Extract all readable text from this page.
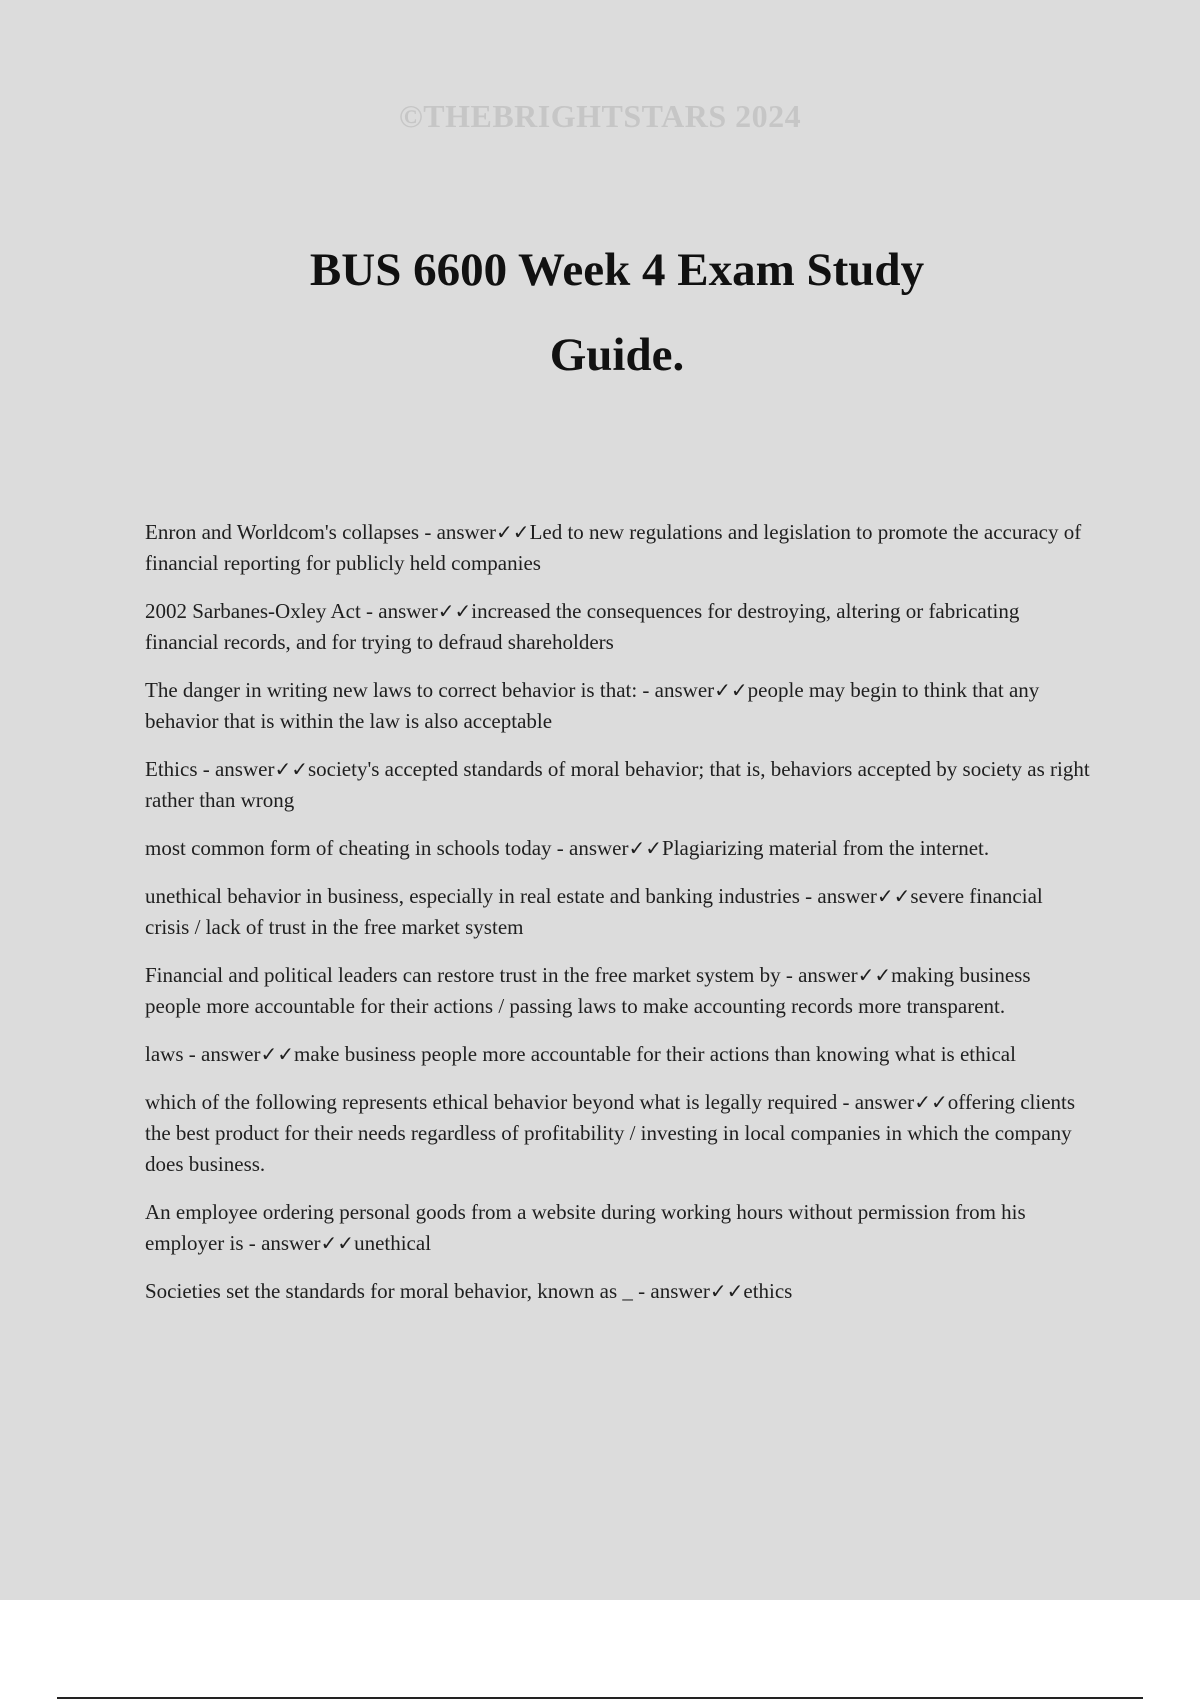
©THEBRIGHTSTARS 2024
BUS 6600 Week 4 Exam Study
Guide.

Enron and Worldcom's collapses - answer✓✓Led to new regulations and legislation to promote the accuracy of financial reporting for publicly held companies

2002 Sarbanes-Oxley Act - answer✓✓increased the consequences for destroying, altering or fabricating financial records, and for trying to defraud shareholders

The danger in writing new laws to correct behavior is that: - answer✓✓people may begin to think that any behavior that is within the law is also acceptable

Ethics - answer✓✓society's accepted standards of moral behavior; that is, behaviors accepted by society as right rather than wrong

most common form of cheating in schools today - answer✓✓Plagiarizing material from the internet.

unethical behavior in business, especially in real estate and banking industries - answer✓✓severe financial crisis / lack of trust in the free market system

Financial and political leaders can restore trust in the free market system by - answer✓✓making business people more accountable for their actions / passing laws to make accounting records more transparent.

laws - answer✓✓make business people more accountable for their actions than knowing what is ethical

which of the following represents ethical behavior beyond what is legally required - answer✓✓offering clients the best product for their needs regardless of profitability / investing in local companies in which the company does business.

An employee ordering personal goods from a website during working hours without permission from his employer is - answer✓✓unethical

Societies set the standards for moral behavior, known as _ - answer✓✓ethics
